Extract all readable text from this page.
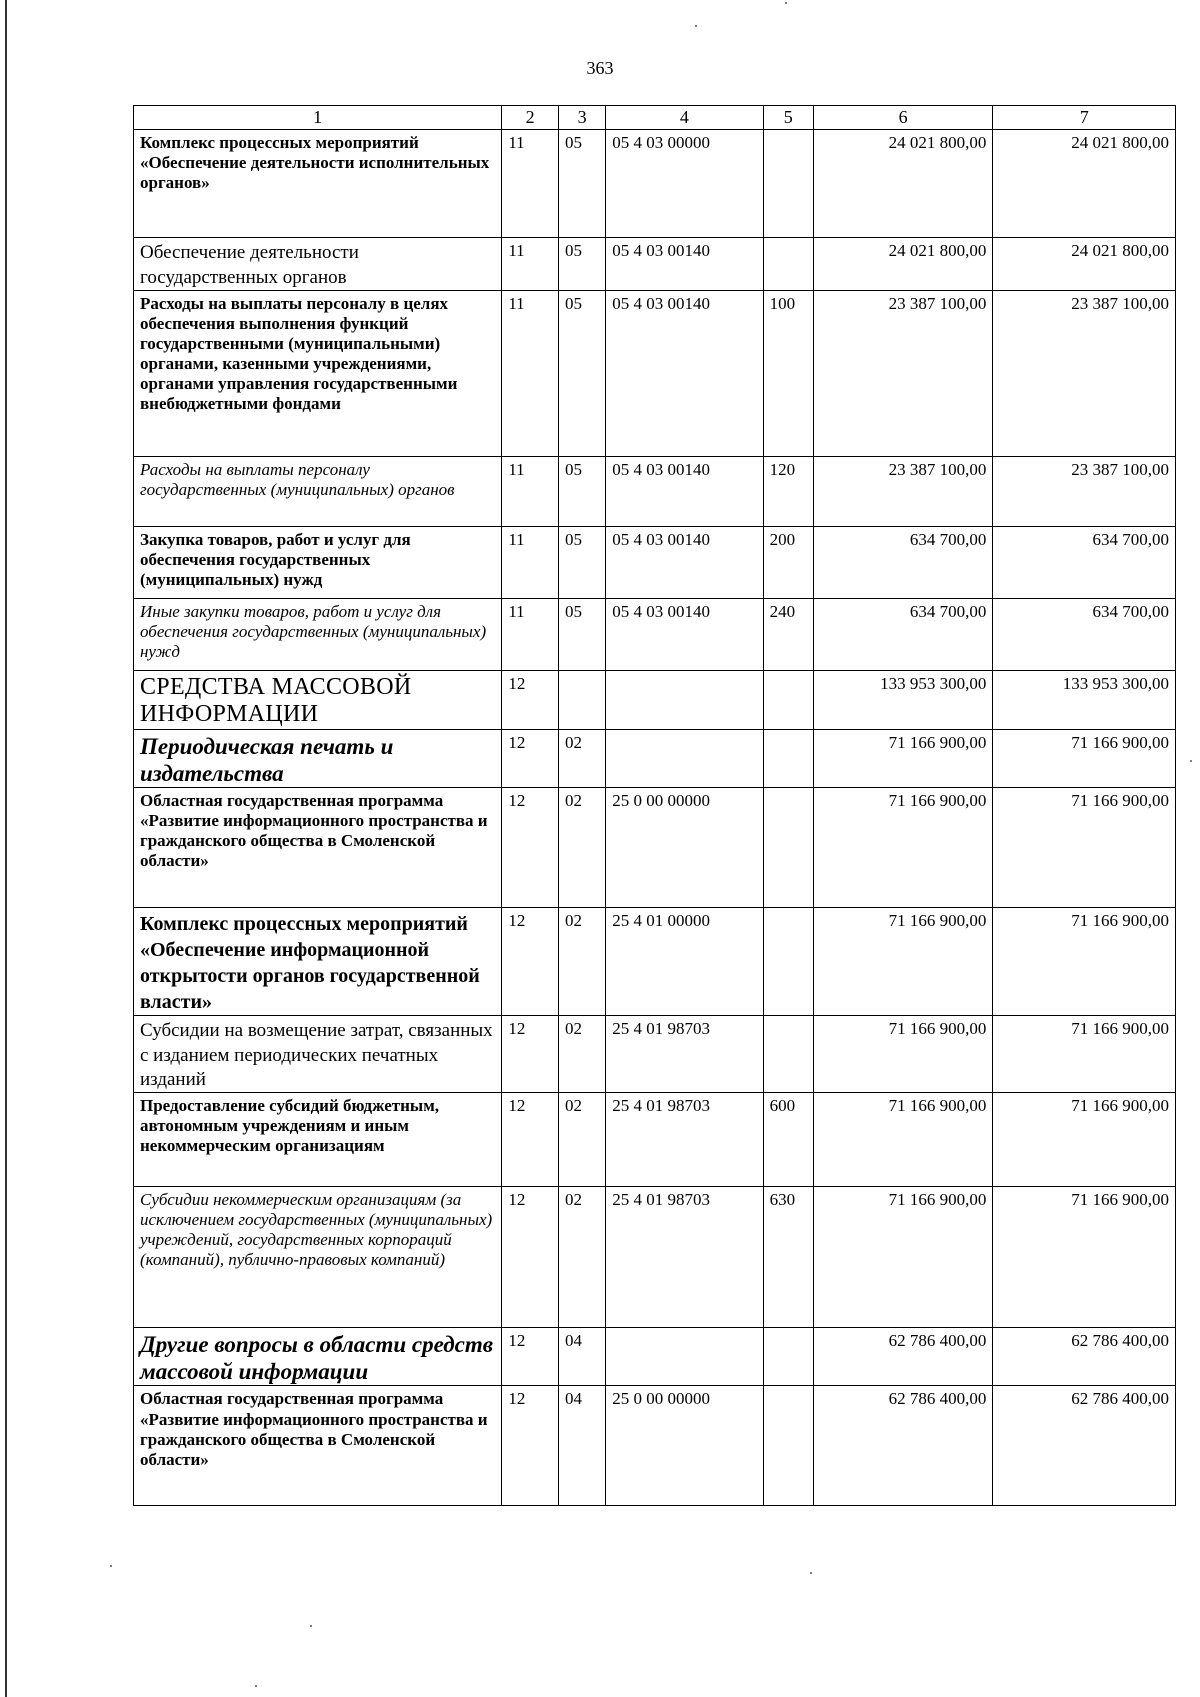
363
1	2	3	4	5	6	7
Комплекс процессных мероприятий «Обеспечение деятельности исполнительных органов»	11	05	05 4 03 00000		24 021 800,00	24 021 800,00
Обеспечение деятельности государственных органов	11	05	05 4 03 00140		24 021 800,00	24 021 800,00
Расходы на выплаты персоналу в целях обеспечения выполнения функций государственными (муниципальными) органами, казенными учреждениями, органами управления государственными внебюджетными фондами	11	05	05 4 03 00140	100	23 387 100,00	23 387 100,00
Расходы на выплаты персоналу государственных (муниципальных) органов	11	05	05 4 03 00140	120	23 387 100,00	23 387 100,00
Закупка товаров, работ и услуг для обеспечения государственных (муниципальных) нужд	11	05	05 4 03 00140	200	634 700,00	634 700,00
Иные закупки товаров, работ и услуг для обеспечения государственных (муниципальных) нужд	11	05	05 4 03 00140	240	634 700,00	634 700,00
СРЕДСТВА МАССОВОЙ ИНФОРМАЦИИ	12				133 953 300,00	133 953 300,00
Периодическая печать и издательства	12	02			71 166 900,00	71 166 900,00
Областная государственная программа «Развитие информационного пространства и гражданского общества в Смоленской области»	12	02	25 0 00 00000		71 166 900,00	71 166 900,00
Комплекс процессных мероприятий «Обеспечение информационной открытости органов государственной власти»	12	02	25 4 01 00000		71 166 900,00	71 166 900,00
Субсидии на возмещение затрат, связанных с изданием периодических печатных изданий	12	02	25 4 01 98703		71 166 900,00	71 166 900,00
Предоставление субсидий бюджетным, автономным учреждениям и иным некоммерческим организациям	12	02	25 4 01 98703	600	71 166 900,00	71 166 900,00
Субсидии некоммерческим организациям (за исключением государственных (муниципальных) учреждений, государственных корпораций (компаний), публично-правовых компаний)	12	02	25 4 01 98703	630	71 166 900,00	71 166 900,00
Другие вопросы в области средств массовой информации	12	04			62 786 400,00	62 786 400,00
Областная государственная программа «Развитие информационного пространства и гражданского общества в Смоленской области»	12	04	25 0 00 00000		62 786 400,00	62 786 400,00
